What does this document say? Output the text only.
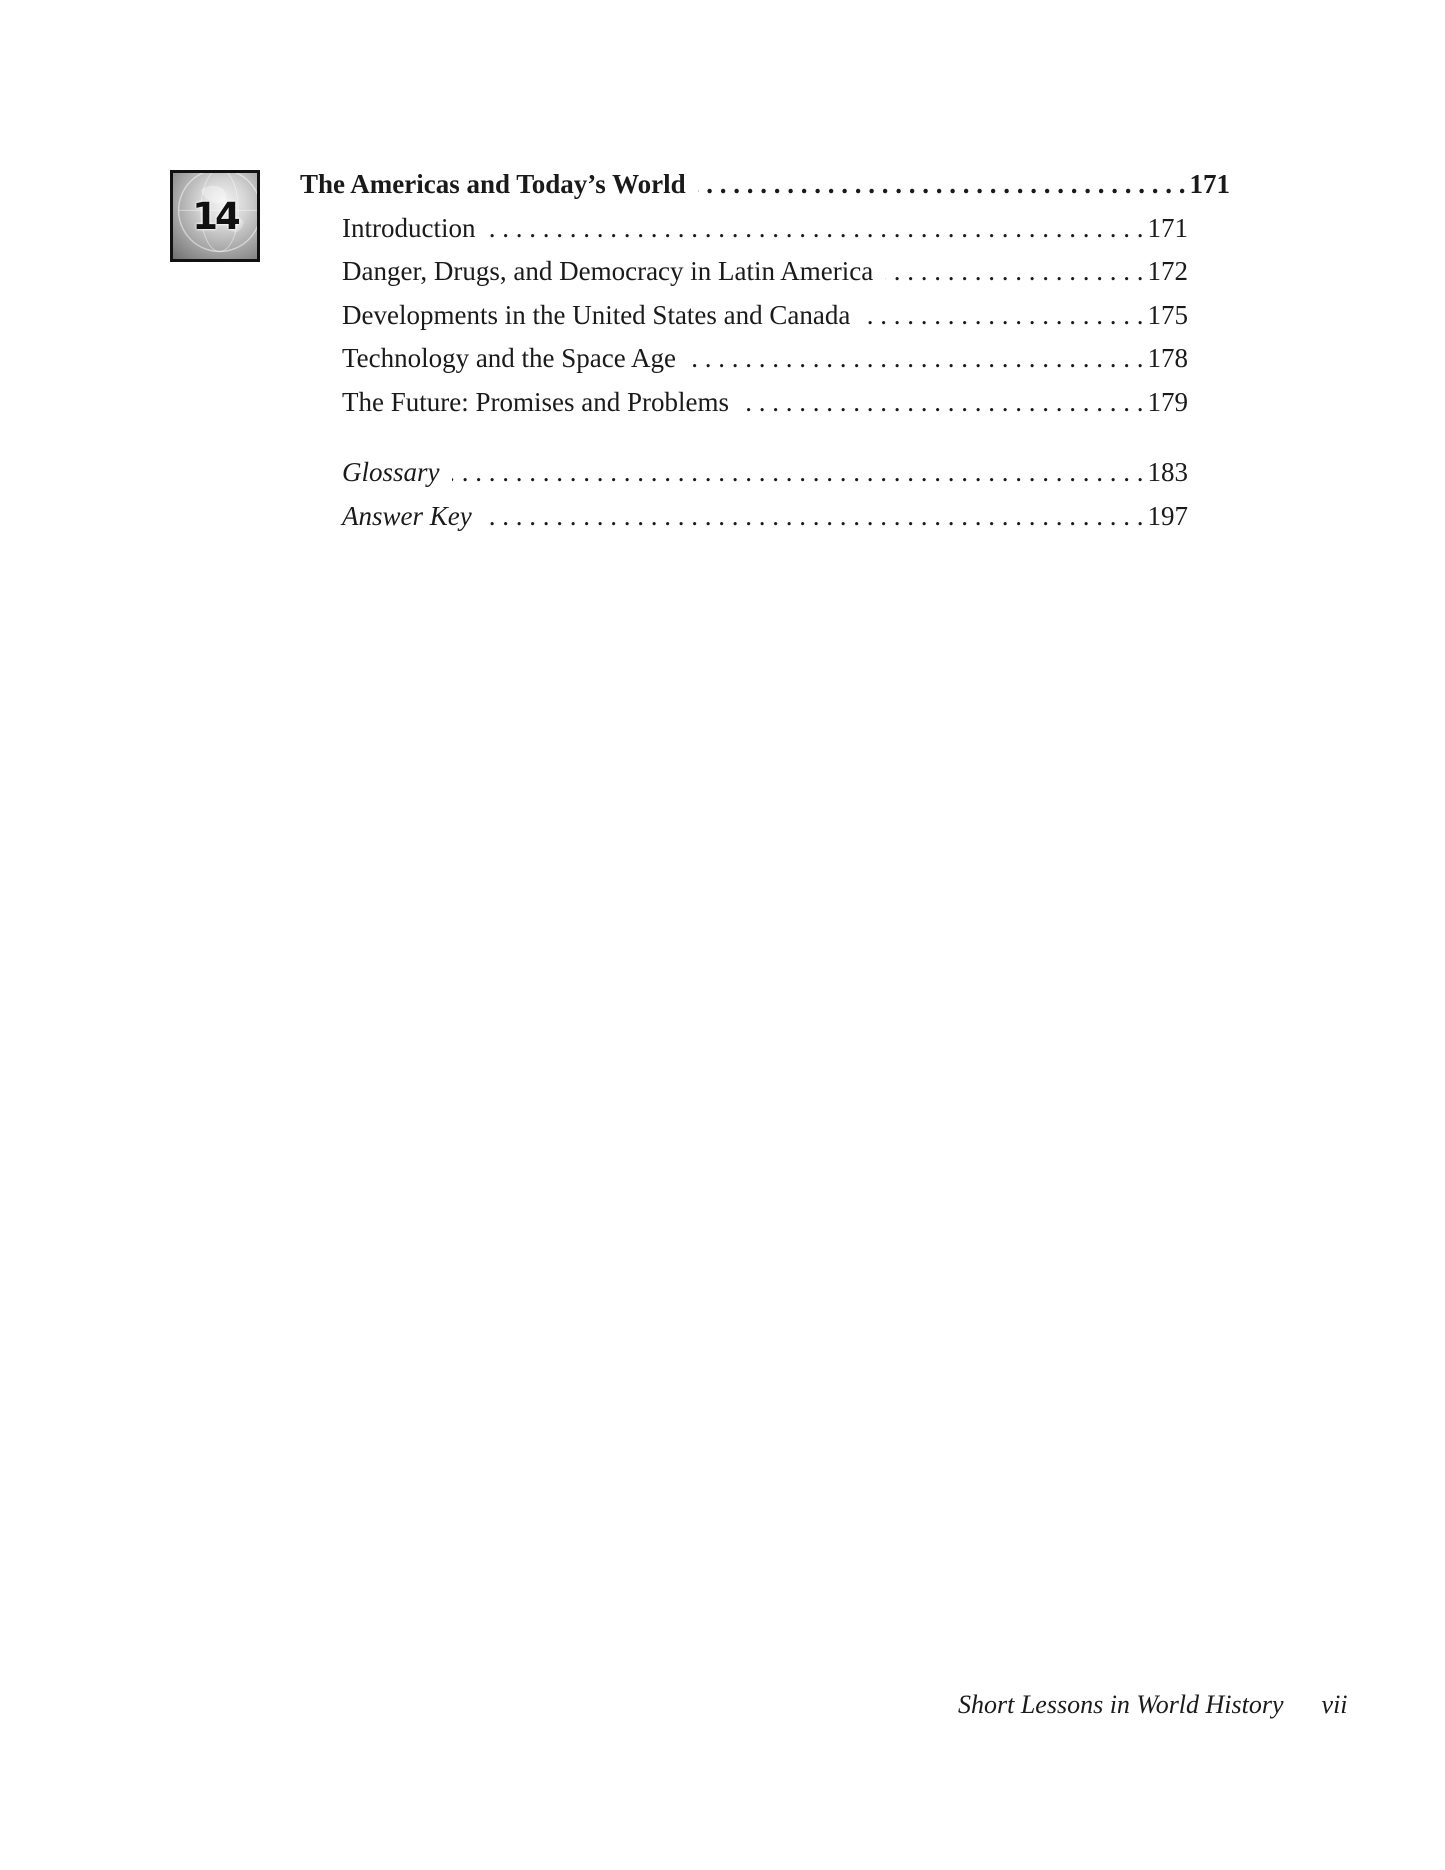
14
The Americas and Today’s World . . .	171
Introduction . . .	171
Danger, Drugs, and Democracy in Latin America . . .	172
Developments in the United States and Canada . . .	175
Technology and the Space Age . . .	178
The Future: Promises and Problems . . .	179
Glossary . . .	183
Answer Key . . .	197
Short Lessons in World History vii
